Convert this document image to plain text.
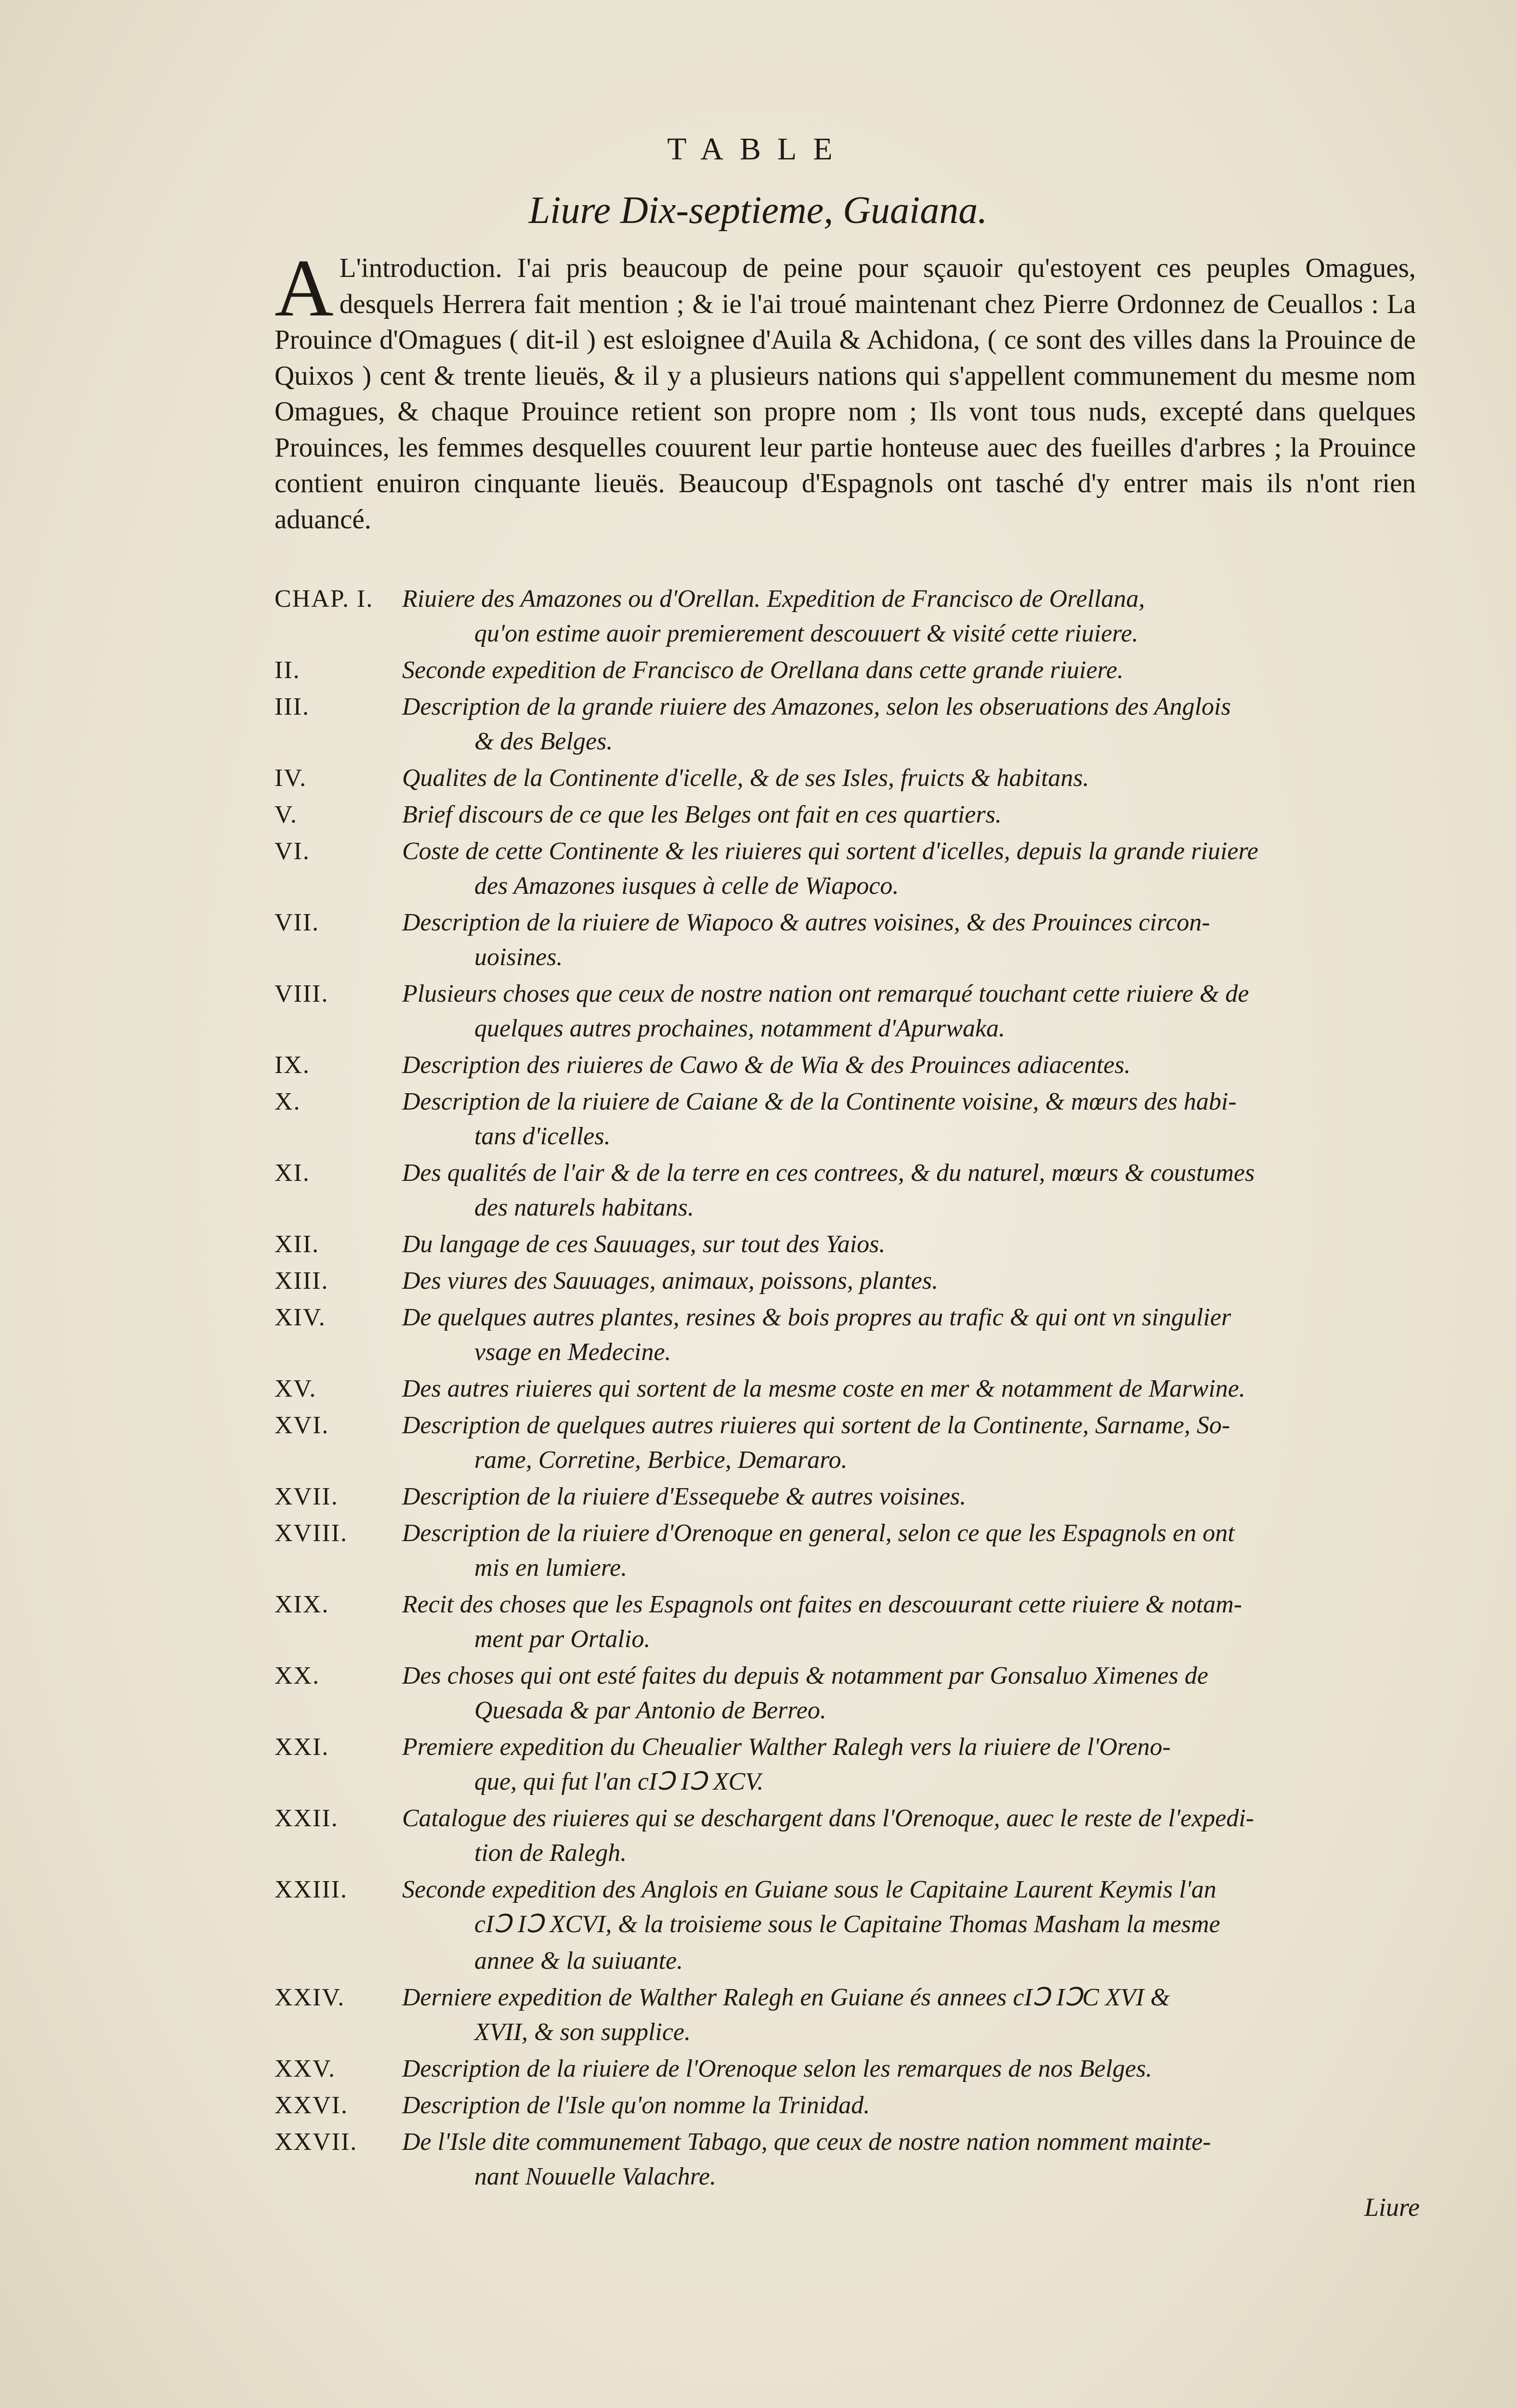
TABLE
Liure Dix-septieme, Guaiana.
A L'introduction. I'ai pris beaucoup de peine pour sçauoir qu'estoyent ces peuples Omagues, desquels Herrera fait mention ; & ie l'ai troué maintenant chez Pierre Ordonnez de Ceuallos : La Prouince d'Omagues ( dit-il ) est esloignee d'Auila & Achidona, ( ce sont des villes dans la Prouince de Quixos ) cent & trente lieuës, & il y a plusieurs nations qui s'appellent communement du mesme nom Omagues, & chaque Prouince retient son propre nom ; Ils vont tous nuds, excepté dans quelques Prouinces, les femmes desquelles couurent leur partie honteuse auec des fueilles d'arbres ; la Prouince contient enuiron cinquante lieuës. Beaucoup d'Espagnols ont tasché d'y entrer mais ils n'ont rien aduancé.
CHAP. I. Riuiere des Amazones ou d'Orellan. Expedition de Francisco de Orellana,
qu'on estime auoir premierement descouuert & visité cette riuiere.
II.	Seconde expedition de Francisco de Orellana dans cette grande riuiere.
III.	Description de la grande riuiere des Amazones, selon les obseruations des Anglois
& des Belges.
IV.	Qualites de la Continente d'icelle, & de ses Isles, fruicts & habitans.
V.	Brief discours de ce que les Belges ont fait en ces quartiers.
VI.	Coste de cette Continente & les riuieres qui sortent d'icelles, depuis la grande riuiere
des Amazones iusques à celle de Wiapoco.
VII.	Description de la riuiere de Wiapoco & autres voisines, & des Prouinces circon-
uoisines.
VIII.	Plusieurs choses que ceux de nostre nation ont remarqué touchant cette riuiere & de
quelques autres prochaines, notamment d'Apurwaka.
IX.	Description des riuieres de Cawo & de Wia & des Prouinces adiacentes.
X.	Description de la riuiere de Caiane & de la Continente voisine, & mœurs des habi-
tans d'icelles.
XI.	Des qualités de l'air & de la terre en ces contrees, & du naturel, mœurs & coustumes
des naturels habitans.
XII.	Du langage de ces Sauuages, sur tout des Yaios.
XIII.	Des viures des Sauuages, animaux, poissons, plantes.
XIV.	De quelques autres plantes, resines & bois propres au trafic & qui ont vn singulier
vsage en Medecine.
XV.	Des autres riuieres qui sortent de la mesme coste en mer & notamment de Marwine.
XVI.	Description de quelques autres riuieres qui sortent de la Continente, Sarname, So-
rame, Corretine, Berbice, Demararo.
XVII.	Description de la riuiere d'Essequebe & autres voisines.
XVIII. Description de la riuiere d'Orenoque en general, selon ce que les Espagnols en ont
mis en lumiere.
XIX.	Recit des choses que les Espagnols ont faites en descouurant cette riuiere & notam-
ment par Ortalio.
XX.	Des choses qui ont esté faites du depuis & notamment par Gonsaluo Ximenes de
Quesada & par Antonio de Berreo.
XXI.	Premiere expedition du Cheualier Walther Ralegh vers la riuiere de l'Oreno-
que, qui fut l'an cIↃ IↃ XCV.
XXII.	Catalogue des riuieres qui se deschargent dans l'Orenoque, auec le reste de l'expedi-
tion de Ralegh.
XXIII. Seconde expedition des Anglois en Guiane sous le Capitaine Laurent Keymis l'an
cIↃ IↃ XCVI, & la troisieme sous le Capitaine Thomas Masham la mesme
annee & la suiuante.
XXIV. Derniere expedition de Walther Ralegh en Guiane és annees cIↃ IↃC XVI &
XVII, & son supplice.
XXV.	Description de la riuiere de l'Orenoque selon les remarques de nos Belges.
XXVI. Description de l'Isle qu'on nomme la Trinidad.
XXVII. De l'Isle dite communement Tabago, que ceux de nostre nation nomment mainte-
nant Nouuelle Valachre.
Liure
